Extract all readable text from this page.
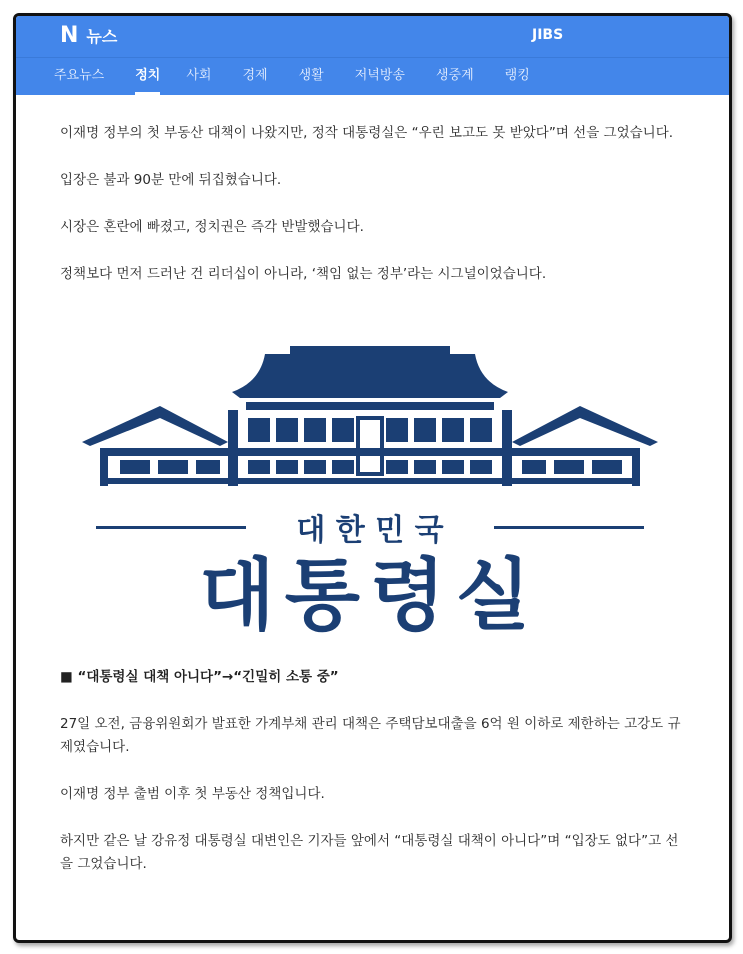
N 뉴스	JIBS
주요뉴스	정치 사회	경제	생활	저녁방송	생중계	랭킹

이재명 정부의 첫 부동산 대책이 나왔지만, 정작 대통령실은 “우린 보고도 못 받았다”며 선을 그었습니다.

입장은 불과 90분 만에 뒤집혔습니다.

시장은 혼란에 빠졌고, 정치권은 즉각 반발했습니다.

정책보다 먼저 드러난 건 리더십이 아니라, ‘책임 없는 정부’라는 시그널이었습니다.

대 한 민 국
대통령실

■ “대통령실 대책 아니다”→“긴밀히 소통 중”

27일 오전, 금융위원회가 발표한 가계부채 관리 대책은 주택담보대출을 6억 원 이하로 제한하는 고강도 규제였습니다.

이재명 정부 출범 이후 첫 부동산 정책입니다.

하지만 같은 날 강유정 대통령실 대변인은 기자들 앞에서 “대통령실 대책이 아니다”며 “입장도 없다”고 선을 그었습니다.
